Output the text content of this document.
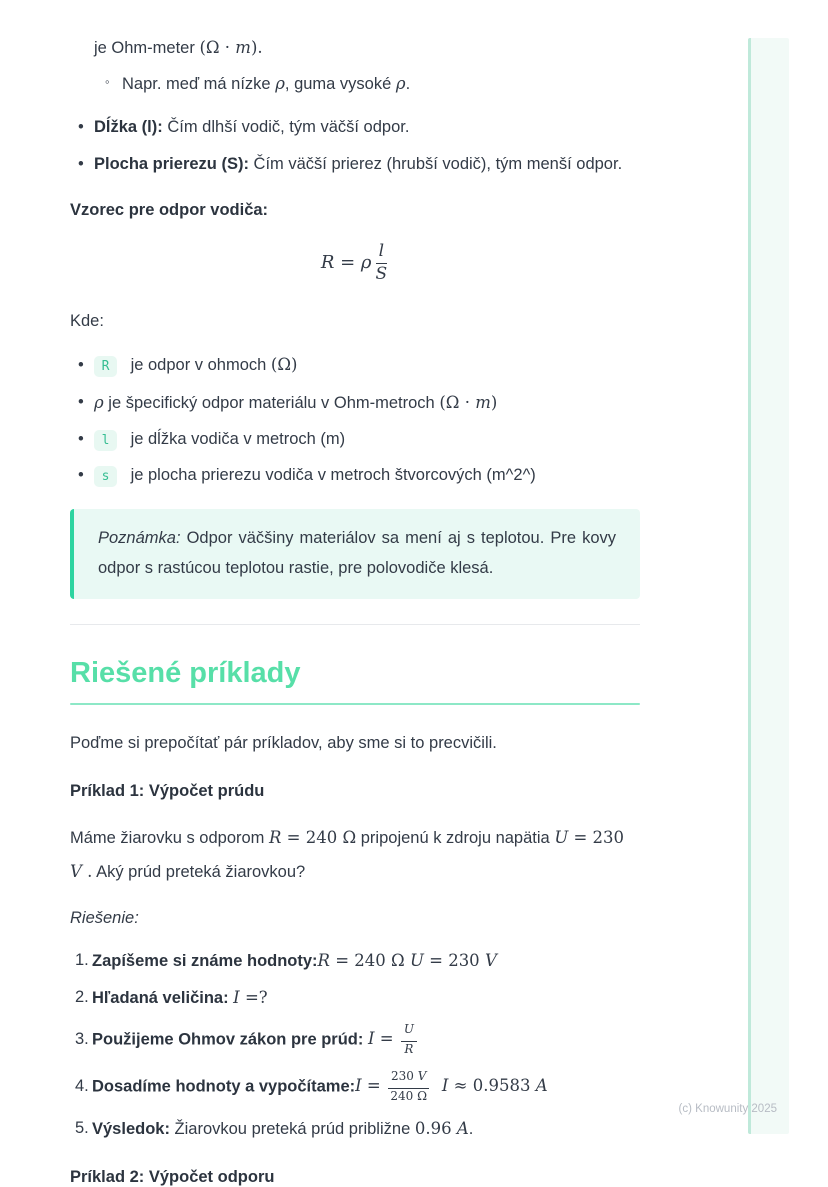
je Ohm-meter (Ω · m).

◦ Napr. meď má nízke ρ, guma vysoké ρ.
• Dĺžka (l): Čím dlhší vodič, tým väčší odpor.
• Plocha prierezu (S): Čím väčší prierez (hrubší vodič), tým menší odpor.

Vzorec pre odpor vodiča:

R = ρ $\frac{l}{S}$

Kde:

•	R je odpor v ohmoch (Ω)
• ρ je špecifický odpor materiálu v Ohm-metroch (Ω · m)
•	l je dĺžka vodiča v metroch (m)
•	s je plocha prierezu vodiča v metroch štvorcových (m^2^)
Poznámka: Odpor väčšiny materiálov sa mení aj s teplotou. Pre kovy odpor s rastúcou teplotou rastie, pre polovodiče klesá.
Riešené príklady

Poďme si prepočítať pár príkladov, aby sme si to precvičili.

Príklad 1: Výpočet prúdu

Máme žiarovku s odporom R = 240 Ω pripojenú k zdroju napätia U = 230 V . Aký prúd preteká žiarovkou?

Riešenie:

1. Zapíšeme si známe hodnoty:R = 240 Ω U = 230 V
2. Hľadaná veličina: I =?
3. Použijeme Ohmov zákon pre prúd: $I = \frac{U}{R}$
4. Dosadíme hodnoty a vypočítame:I = $\frac{230 V}{240 \Omega}$ I ≈ 0.9583 A
5. Výsledok: Žiarovkou preteká prúd približne 0.96 A.

Príklad 2: Výpočet odporu

(c) Knowunity 2025
